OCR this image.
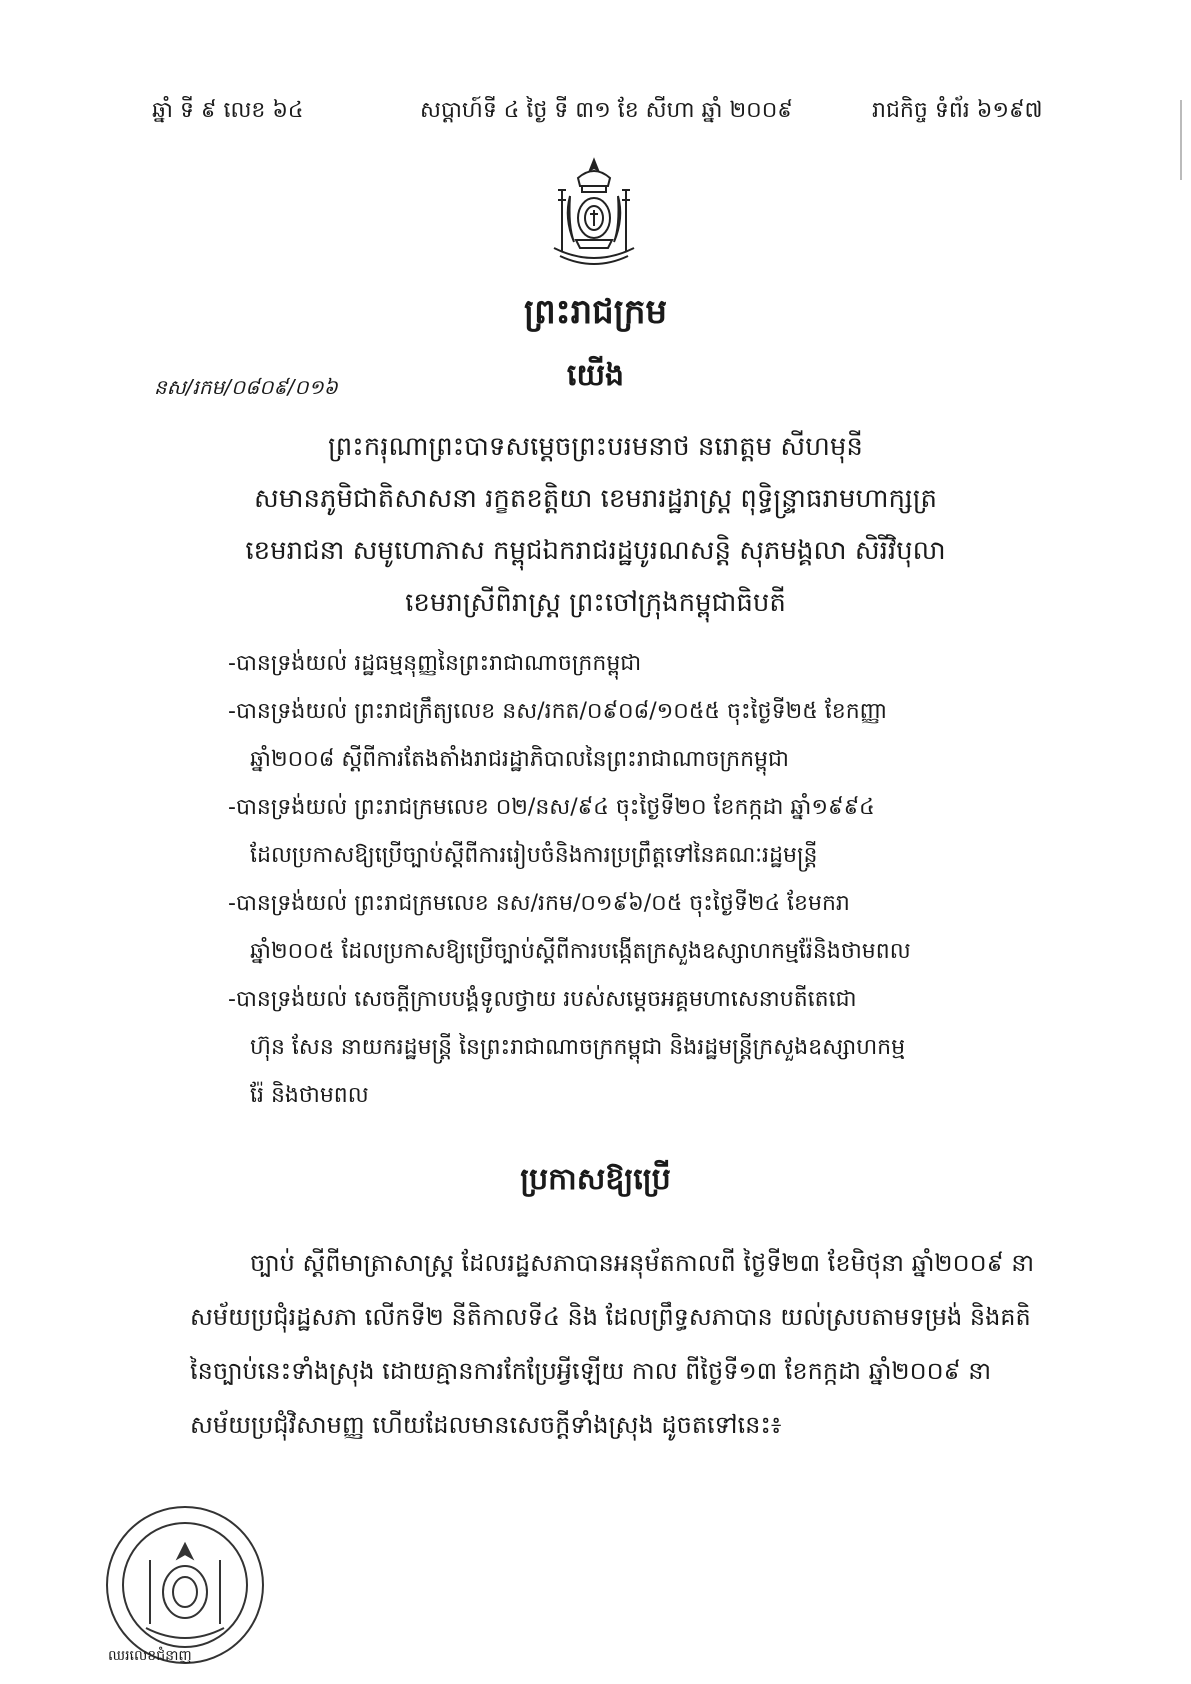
ឆ្នាំ ទី ៩ លេខ ៦៤	សប្ដាហ៍ទី ៤ ថ្ងៃ ទី ៣១ ខែ សីហា ឆ្នាំ ២០០៩	រាជកិច្ច ទំព័រ ៦១៩៧
ព្រះរាជក្រម
នស/រកម/០៨០៩/០១៦	យើង
ព្រះករុណាព្រះបាទសម្ដេចព្រះបរមនាថ នរោត្តម សីហមុនី
សមានភូមិជាតិសាសនា រក្ខតខត្តិយា ខេមរារដ្ឋរាស្ត្រ ពុទ្ធិន្ទ្រាធរាមហាក្សត្រ
ខេមរាជនា សមូហោភាស កម្ពុជឯករាជរដ្ឋបូរណសន្តិ សុភមង្គលា សិរីវិបុលា
ខេមរាស្រីពិរាស្ត្រ ព្រះចៅក្រុងកម្ពុជាធិបតី
-បានទ្រង់យល់ រដ្ឋធម្មនុញ្ញនៃព្រះរាជាណាចក្រកម្ពុជា
-បានទ្រង់យល់ ព្រះរាជក្រឹត្យលេខ នស/រកត/០៩០៨/១០៥៥ ចុះថ្ងៃទី២៥ ខែកញ្ញា
ឆ្នាំ២០០៨ ស្ដីពីការតែងតាំងរាជរដ្ឋាភិបាលនៃព្រះរាជាណាចក្រកម្ពុជា
-បានទ្រង់យល់ ព្រះរាជក្រមលេខ ០២/នស/៩៤ ចុះថ្ងៃទី២០ ខែកក្កដា ឆ្នាំ១៩៩៤
ដែលប្រកាសឱ្យប្រើច្បាប់ស្ដីពីការរៀបចំនិងការប្រព្រឹត្តទៅនៃគណៈរដ្ឋមន្ត្រី
-បានទ្រង់យល់ ព្រះរាជក្រមលេខ នស/រកម/០១៩៦/០៥ ចុះថ្ងៃទី២៤ ខែមករា
ឆ្នាំ២០០៥ ដែលប្រកាសឱ្យប្រើច្បាប់ស្ដីពីការបង្កើតក្រសួងឧស្សាហកម្មរ៉ែនិងថាមពល
-បានទ្រង់យល់ សេចក្ដីក្រាបបង្គំទូលថ្វាយ របស់សម្ដេចអគ្គមហាសេនាបតីតេជោ
ហ៊ុន សែន នាយករដ្ឋមន្ត្រី នៃព្រះរាជាណាចក្រកម្ពុជា និងរដ្ឋមន្ត្រីក្រសួងឧស្សាហកម្ម
រ៉ែ និងថាមពល
ប្រកាសឱ្យប្រើ
ច្បាប់ ស្ដីពីមាត្រាសាស្ត្រ ដែលរដ្ឋសភាបានអនុម័តកាលពី ថ្ងៃទី២៣ ខែមិថុនា ឆ្នាំ២០០៩ នាសម័យប្រជុំរដ្ឋសភា លើកទី២ នីតិកាលទី៤ និង ដែលព្រឹទ្ធសភាបាន យល់ស្របតាមទម្រង់ និងគតិនៃច្បាប់នេះទាំងស្រុង ដោយគ្មានការកែប្រែអ្វីឡើយ កាល ពីថ្ងៃទី១៣ ខែកក្កដា ឆ្នាំ២០០៩ នាសម័យប្រជុំវិសាមញ្ញ ហើយដែលមានសេចក្ដីទាំងស្រុង ដូចតទៅនេះ៖
ឈរលេខជំនាញ
